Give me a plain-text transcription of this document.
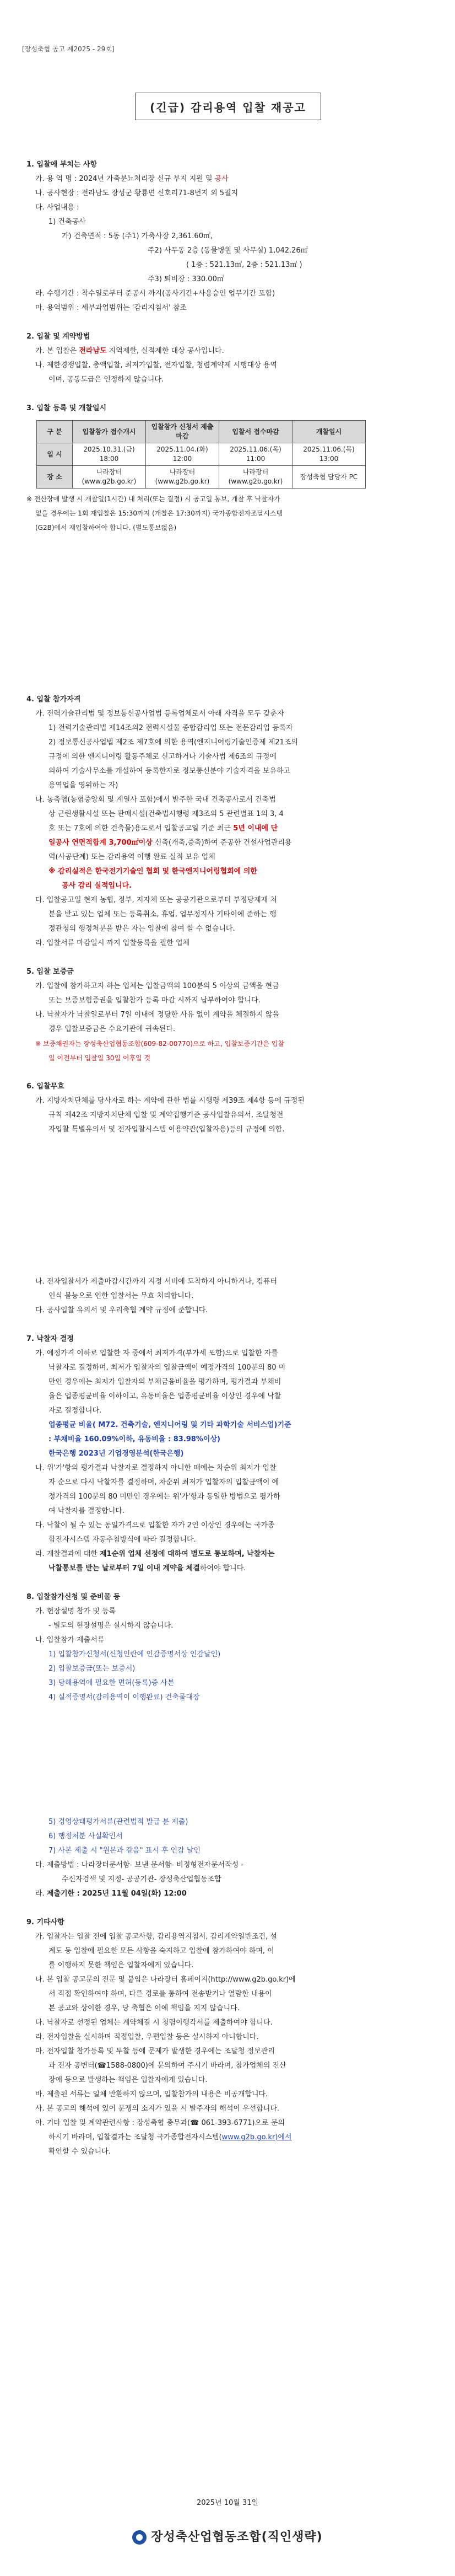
[장성축협 공고 제2025 - 29호]
(긴급) 감리용역 입찰 재공고
1. 입찰에 부치는 사항
가. 용 역 명 : 2024년 가축분뇨처리장 신규 부지 지원 및 공사
나. 공사현장 : 전라남도 장성군 황룡면 신호리71-8번지 외 5필지
다. 사업내용 :
1) 건축공사
가) 건축면적 : 5동 (주1) 가축사장 2,361.60㎡,
주2) 사무동 2층 (동물병원 및 사무실) 1,042.26㎡
( 1층 : 521.13㎡, 2층 : 521.13㎡ )
주3) 퇴비장 : 330.00㎡
라. 수행기간 : 착수일로부터 준공시 까지(공사기간+사용승인 업무기간 포함)
마. 용역범위 : 세부과업범위는 '감리지침서' 참조
2. 입찰 및 계약방법
가. 본 입찰은 전라남도 지역제한, 실적제한 대상 공사입니다.
나. 제한경쟁입찰, 총액입찰, 최저가입찰, 전자입찰, 청렴계약제 시행대상 용역
이며, 공동도급은 인정하지 않습니다.
3. 입찰 등록 및 개찰일시
구 분	입찰참가 접수개시	입찰참가 신청서 제출마감	입찰서 접수마감	개찰일시
일 시	2025.10.31.(금) 18:00	2025.11.04.(화) 12:00	2025.11.06.(목) 11:00	2025.11.06.(목) 13:00
장 소	나라장터 (www.g2b.go.kr)	나라장터 (www.g2b.go.kr)	나라장터 (www.g2b.go.kr)	장성축협 담당자 PC
※ 전산장애 발생 시 개찰일(1시간) 내 처리(또는 결정) 시 공고일 통보, 개찰 후 낙찰자가
없을 경우에는 1회 재입찰은 15:30까지 (개찰은 17:30까지) 국가종합전자조달시스템
(G2B)에서 재입찰하여야 합니다. (별도통보없음)
4. 입찰 참가자격
가. 전력기술관리법 및 정보통신공사업법 등록업체로서 아래 자격을 모두 갖춘자
1) 전력기술관리법 제14조의2 전력시설물 종합감리업 또는 전문감리업 등록자
2) 정보통신공사업법 제2조 제7호에 의한 용역(엔지니어링기술인증제 제21조의
규정에 의한 엔지니어링 활동주체로 신고하거나 기술사법 제6조의 규정에
의하여 기술사무소를 개설하여 등록한자로 정보통신분야 기술자격을 보유하고
용역업을 영위하는 자)
나. 농축협(농협중앙회 및 계열사 포함)에서 발주한 국내 건축공사로서 건축법
상 근린생활시설 또는 판매시설(건축법시행령 제3조의 5 관련별표 1의 3, 4
호 또는 7호에 의한 건축물)용도로서 입찰공고일 기준 최근 5년 이내에 단
일공사 연면적합계 3,700㎡이상 신축(개축,증축)하여 준공한 건설사업관리용
역(사공단계) 또는 감리용역 이행 완료 실적 보유 업체
※ 감리실적은 한국전기기술인 협회 및 한국엔지니어링협회에 의한
공사 감리 실적입니다.
다. 입찰공고일 현재 농협, 정부, 지자체 또는 공공기관으로부터 부정당제재 처
분을 받고 있는 업체 또는 등록취소, 휴업, 업무정지사 기타이에 준하는 행
정관청의 행정처분을 받은 자는 입찰에 참여 할 수 없습니다.
라. 입찰서류 마감일시 까지 입찰등록을 필한 업체
5. 입찰 보증금
가. 입찰에 참가하고자 하는 업체는 입찰금액의 100분의 5 이상의 금액을 현금
또는 보증보험증권을 입찰참가 등록 마감 시까지 납부하여야 합니다.
나. 낙찰자가 낙찰일로부터 7일 이내에 정당한 사유 없이 계약을 체결하지 않을
경우 입찰보증금은 수요기관에 귀속된다.
※ 보증채권자는 장성축산업협동조합(609-82-00770)으로 하고, 입찰보증기간은 입찰
일 이전부터 입찰일 30일 이후일 것
6. 입찰무효
가. 지방자치단체를 당사자로 하는 계약에 관한 법률 시행령 제39조 제4항 등에 규정된
규칙 제42조 지방자치단체 입찰 및 계약집행기준 공사입찰유의서, 조달청전
자입찰 특별유의서 및 전자입찰시스템 이용약관(입찰자용)등의 규정에 의함.
나. 전자입찰서가 제출마감시간까지 지정 서버에 도착하지 아니하거나, 컴퓨터
인식 불능으로 인한 입찰서는 무효 처리합니다.
다. 공사입찰 유의서 및 우리축협 계약 규정에 준합니다.
7. 낙찰자 결정
가. 예정가격 이하로 입찰한 자 중에서 최저가격(부가세 포함)으로 입찰한 자를
낙찰자로 결정하며, 최저가 입찰자의 입찰금액이 예정가격의 100분의 80 미
만인 경우에는 최저가 입찰자의 부채금융비율을 평가하며, 평가결과 부채비
율은 업종평균비율 이하이고, 유동비율은 업종평균비율 이상인 경우에 낙찰
자로 결정합니다.
업종평균 비율( M72. 건축기술, 엔지니어링 및 기타 과학기술 서비스업)기준
: 부채비율 160.09%이하, 유동비율 : 83.98%이상)
한국은행 2023년 기업경영분석(한국은행)
나. 위'가'항의 평가결과 낙찰자로 결정하지 아니한 때에는 차순위 최저가 입찰
자 순으로 다시 낙찰자를 결정하며, 차순위 최저가 입찰자의 입찰금액이 예
정가격의 100분의 80 미만인 경우에는 위'가'항과 동일한 방법으로 평가하
여 낙찰자를 결정합니다.
다. 낙찰이 될 수 있는 동일가격으로 입찰한 자가 2인 이상인 경우에는 국가종
합전자시스템 자동추첨방식에 따라 결정합니다.
라. 개찰결과에 대한 제1순위 업체 선정에 대하여 별도로 통보하며, 낙찰자는
낙찰통보를 받는 날로부터 7일 이내 계약을 체결하여야 합니다.
8. 입찰참가신청 및 준비물 등
가. 현장설명 참가 및 등록
- 별도의 현장설명은 실시하지 않습니다.
나. 입찰참가 제출서류
1) 입찰참가신청서(신청인란에 인감증명서상 인감날인)
2) 입찰보증금(또는 보증서)
3) 당해용역에 필요한 면허(등록)증 사본
4) 실적증명서(감리용역이 이행완료) 건축물대장
5) 경영상태평가서류(관련법적 발급 분 제출)
6) 행정처분 사실확인서
7) 사본 제출 시 "원본과 같음" 표시 후 인감 날인
다. 제출방법 : 나라장터문서함- 보낸 문서함- 비정형전자문서작성 -
수신자검색 및 지정- 공공기관- 장성축산업협동조합
라. 제출기한 : 2025년 11월 04일(화) 12:00
9. 기타사항
가. 입찰자는 입찰 전에 입찰 공고사항, 감리용역지침서, 감리계약일반조건, 설
계도 등 입찰에 필요한 모든 사항을 숙지하고 입찰에 참가하여야 하며, 이
를 이행하지 못한 책임은 입찰자에게 있습니다.
나. 본 입찰 공고문의 전문 및 붙임은 나라장터 홈페이지(http://www.g2b.go.kr)에
서 직접 확인하여야 하며, 다른 경로를 통하여 전송받거나 열람한 내용이
본 공고와 상이한 경우, 당 축협은 이에 책임을 지지 않습니다.
다. 낙찰자로 선정된 업체는 계약체결 시 청렴이행각서를 제출하여야 합니다.
라. 전자입찰을 실시하며 직접입찰, 우편입찰 등은 실시하지 아니합니다.
마. 전자입찰 참가등록 및 투찰 등에 문제가 발생한 경우에는 조달청 정보관리
과 전자 공변터(☎1588-0800)에 문의하여 주시기 바라며, 참가업체의 전산
장애 등으로 발생하는 책임은 입찰자에게 있습니다.
바. 제출된 서류는 일체 반환하지 않으며, 입찰참가의 내용은 비공개합니다.
사. 본 공고의 해석에 있어 분쟁의 소지가 있을 시 발주자의 해석이 우선합니다.
아. 기타 입찰 및 계약관련사항 : 장성축협 총무과(☎ 061-393-6771)으로 문의
하시기 바라며, 입찰결과는 조달청 국가종합전자시스템(www.g2b.go.kr)에서
확인할 수 있습니다.
2025년 10월 31일
장성축산업협동조합(직인생략)
